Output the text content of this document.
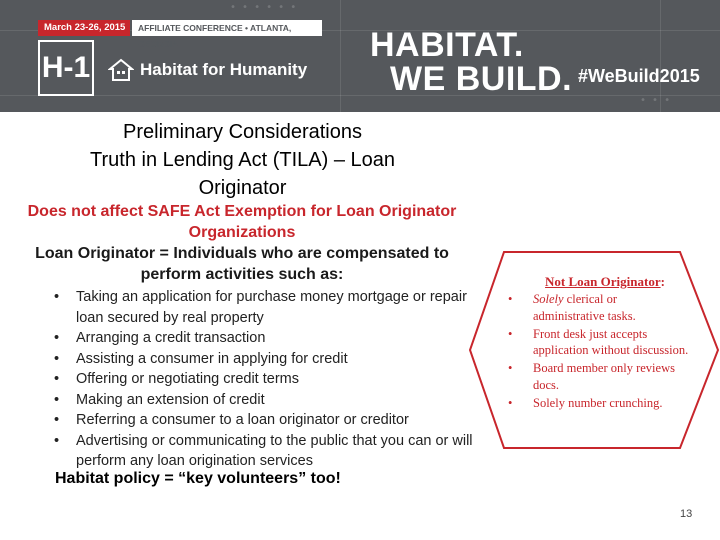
• • • • • •
• • •
March 23-26, 2015	AFFILIATE CONFERENCE • ATLANTA, GEORGIA
H-1	Habitat for Humanity
HABITAT.
WE BUILD. #WeBuild2015
Preliminary Considerations
Truth in Lending Act (TILA) – Loan
Originator
Does not affect SAFE Act Exemption for Loan Originator Organizations
Loan Originator = Individuals who are compensated to perform activities such as:
• Taking an application for purchase money mortgage or repair loan secured by real property
• Arranging a credit transaction
• Assisting a consumer in applying for credit
• Offering or negotiating credit terms
• Making an extension of credit
• Referring a consumer to a loan originator or creditor
• Advertising or communicating to the public that you can or will perform any loan origination services
Habitat policy = “key volunteers” too!
Not Loan Originator:
• Solely clerical or administrative tasks.
• Front desk just accepts application without discussion.
• Board member only reviews docs.
• Solely number crunching.
13
